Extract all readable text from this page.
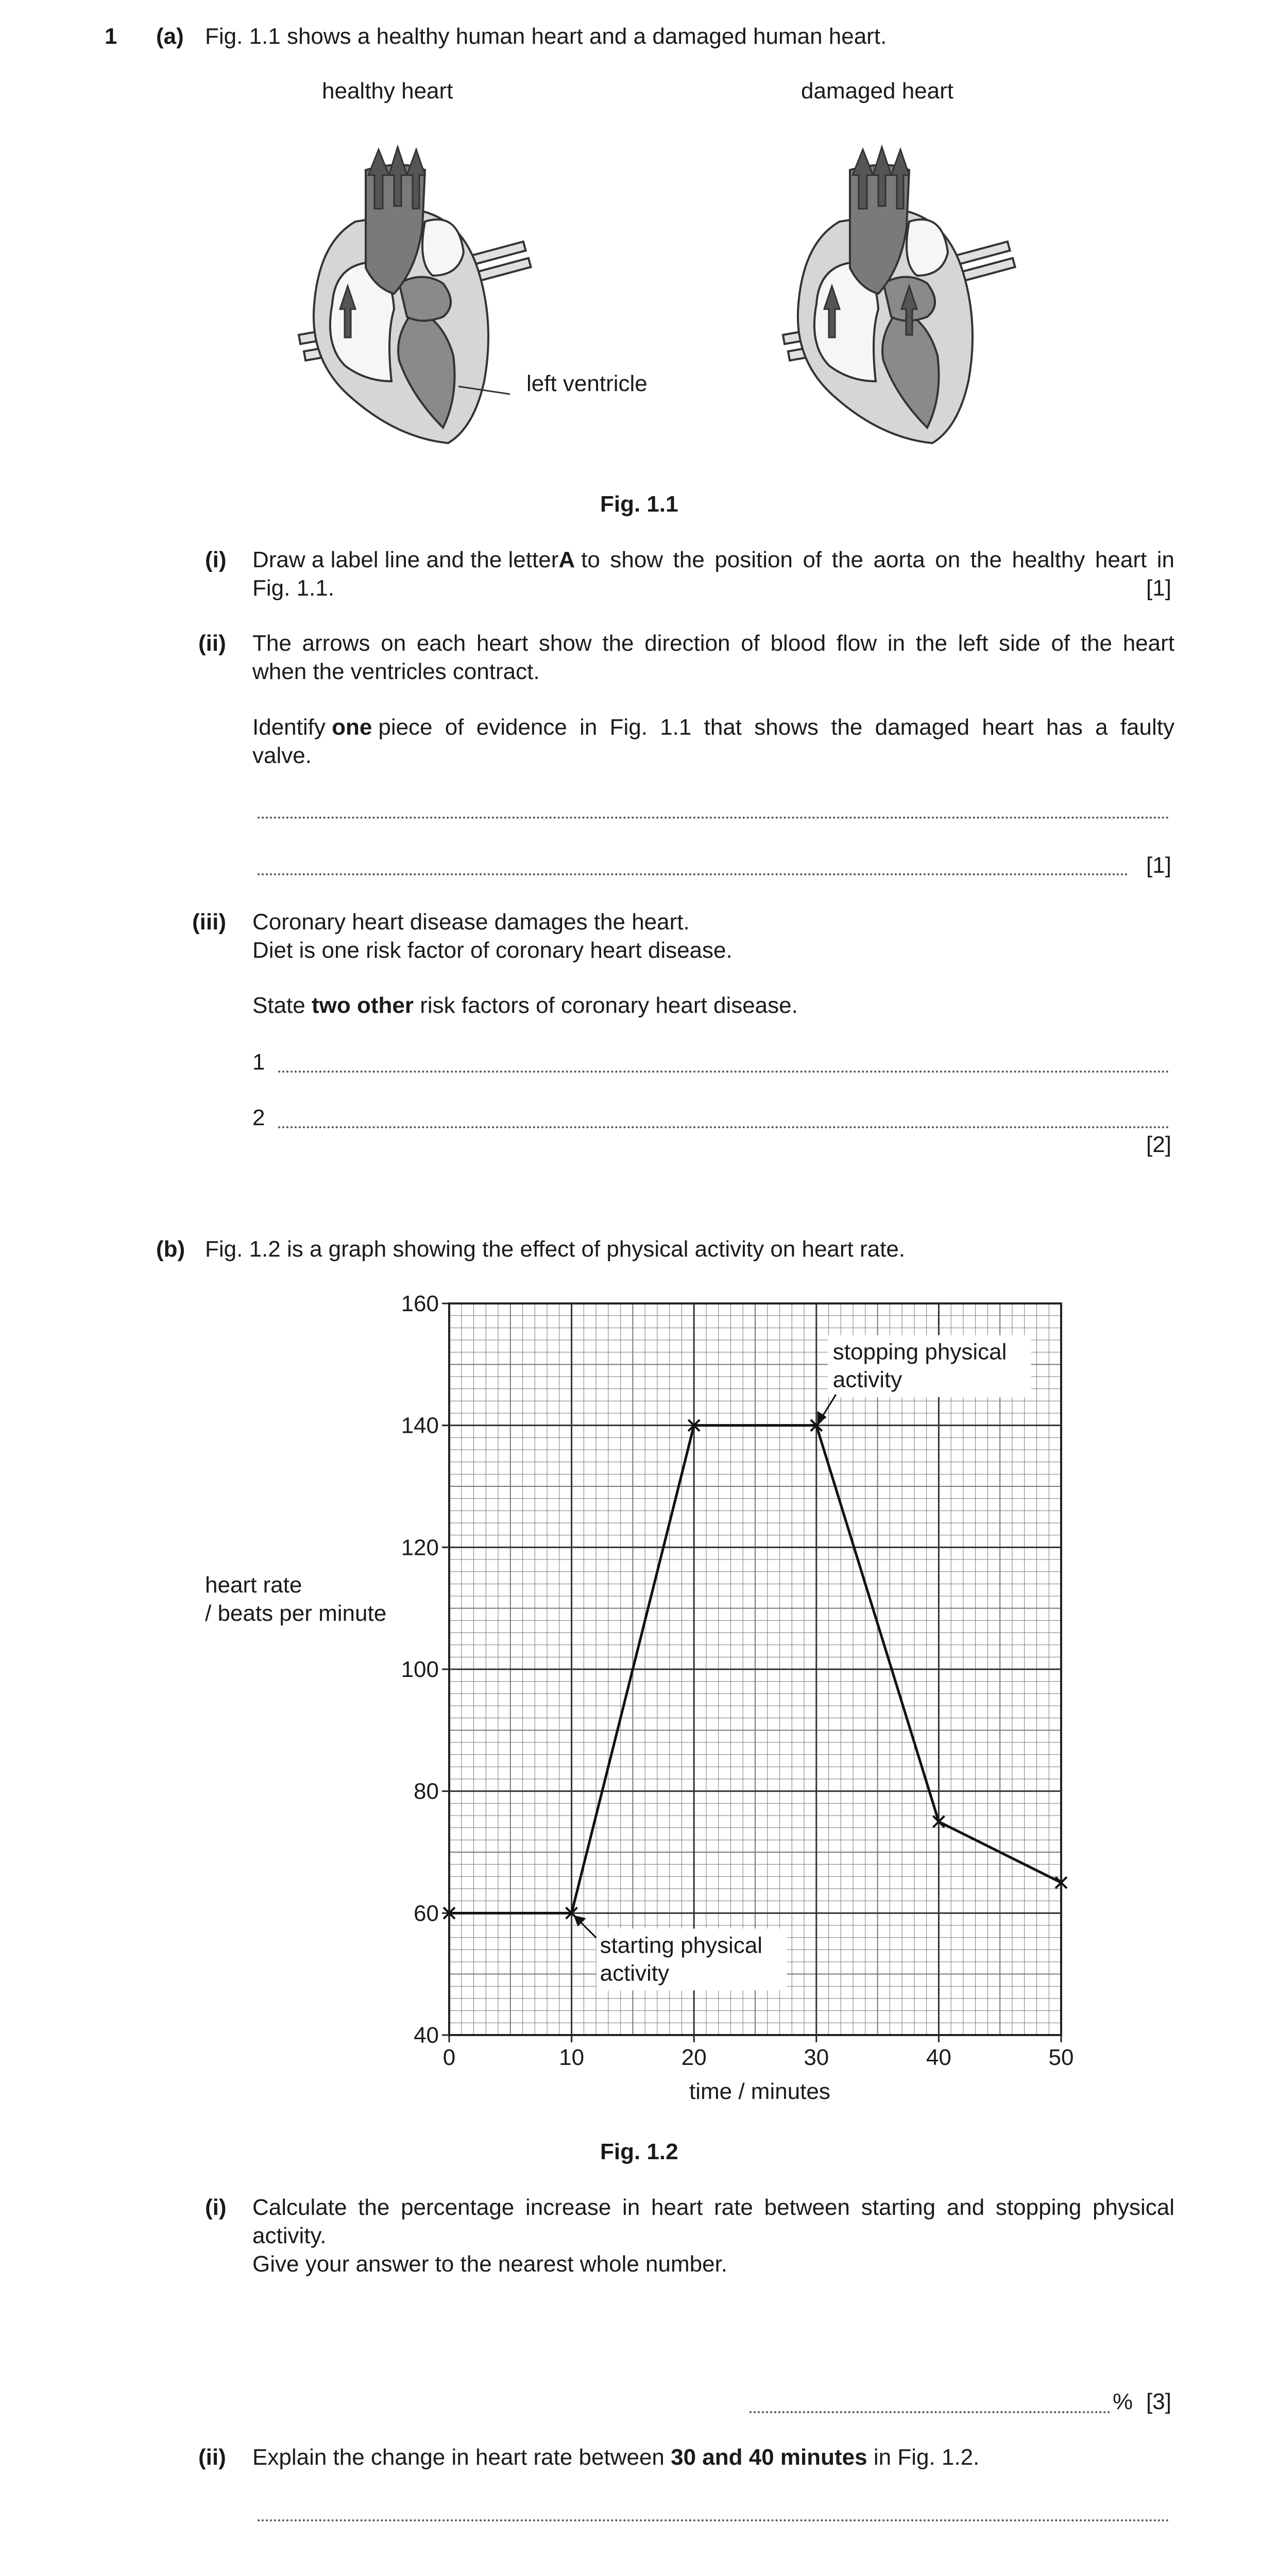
1 (a) Fig. 1.1 shows a healthy human heart and a damaged human heart.
healthy heart	damaged heart
left ventricle
Fig. 1.1
(i) Draw a label line and the letter A to show the position of the aorta on the healthy heart in
Fig. 1.1.	[1]
(ii) The arrows on each heart show the direction of blood flow in the left side of the heart
when the ventricles contract.
Identify
one piece of evidence in Fig. 1.1 that shows the damaged heart has a faulty
valve.
[1]
(iii) Coronary heart disease damages the heart.
Diet is one risk factor of coronary heart disease.
State two other risk factors of coronary heart disease.
1
2
[2]
(b) Fig. 1.2 is a graph showing the effect of physical activity on heart rate.
heart rate
/ beats per minute
0	10	20	30	40	50
40
60
80
100
120
140
160
stopping physical
activity
starting physical
activity
time / minutes
Fig. 1.2
(i) Calculate the percentage increase in heart rate between starting and stopping physical
activity.
Give your answer to the nearest whole number.
% [3]
(ii) Explain the change in heart rate between 30 and 40 minutes in Fig. 1.2.
